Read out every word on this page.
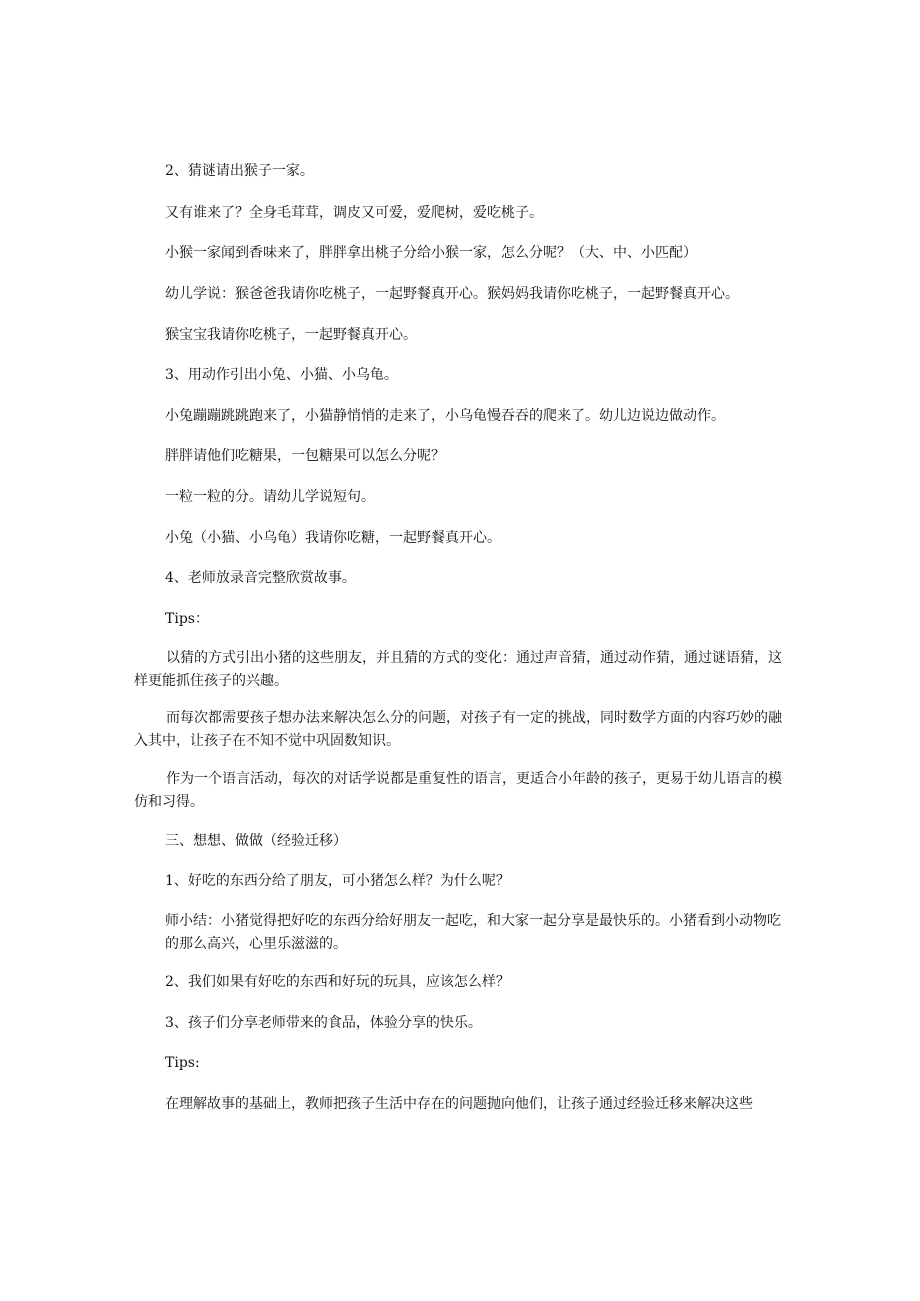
2、猜谜请出猴子一家。

又有谁来了？全身毛茸茸，调皮又可爱，爱爬树，爱吃桃子。

小猴一家闻到香味来了，胖胖拿出桃子分给小猴一家，怎么分呢？（大、中、小匹配）

幼儿学说：猴爸爸我请你吃桃子，一起野餐真开心。猴妈妈我请你吃桃子，一起野餐真开心。

猴宝宝我请你吃桃子，一起野餐真开心。

3、用动作引出小兔、小猫、小乌龟。

小兔蹦蹦跳跳跑来了，小猫静悄悄的走来了，小乌龟慢吞吞的爬来了。幼儿边说边做动作。

胖胖请他们吃糖果，一包糖果可以怎么分呢？

一粒一粒的分。请幼儿学说短句。

小兔（小猫、小乌龟）我请你吃糖，一起野餐真开心。

4、老师放录音完整欣赏故事。

Tips：

以猜的方式引出小猪的这些朋友，并且猜的方式的变化：通过声音猜，通过动作猜，通过谜语猜，这样更能抓住孩子的兴趣。

而每次都需要孩子想办法来解决怎么分的问题，对孩子有一定的挑战，同时数学方面的内容巧妙的融入其中，让孩子在不知不觉中巩固数知识。

作为一个语言活动，每次的对话学说都是重复性的语言，更适合小年龄的孩子，更易于幼儿语言的模仿和习得。

三、想想、做做（经验迁移）

1、好吃的东西分给了朋友，可小猪怎么样？为什么呢？

师小结：小猪觉得把好吃的东西分给好朋友一起吃，和大家一起分享是最快乐的。小猪看到小动物吃的那么高兴，心里乐滋滋的。

2、我们如果有好吃的东西和好玩的玩具，应该怎么样？

3、孩子们分享老师带来的食品，体验分享的快乐。

Tips:

在理解故事的基础上，教师把孩子生活中存在的问题抛向他们，让孩子通过经验迁移来解决这些
